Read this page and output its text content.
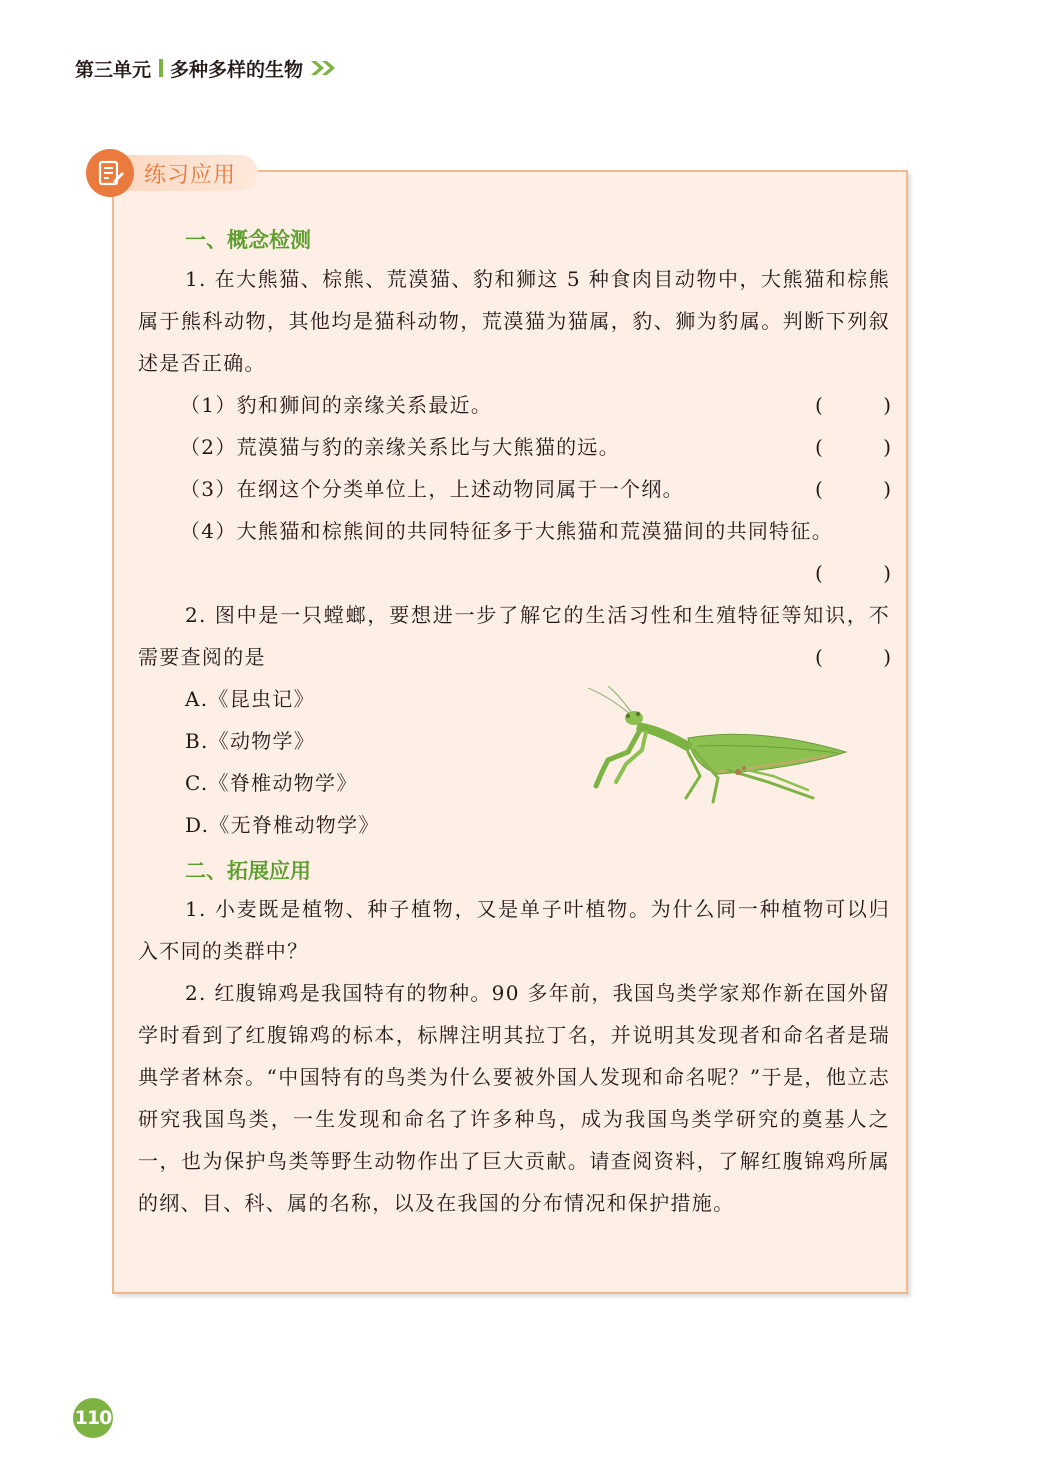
第三单元 多种多样的生物
练习应用
一、概念检测
1. 在大熊猫、棕熊、荒漠猫、豹和狮这 5 种食肉目动物中，大熊猫和棕熊属于熊科动物，其他均是猫科动物，荒漠猫为猫属，豹、狮为豹属。判断下列叙述是否正确。
（1）豹和狮间的亲缘关系最近。	(	)
（2）荒漠猫与豹的亲缘关系比与大熊猫的远。	(	)
（3）在纲这个分类单位上，上述动物同属于一个纲。	(	)
（4）大熊猫和棕熊间的共同特征多于大熊猫和荒漠猫间的共同特征。
(	)
2. 图中是一只螳螂，要想进一步了解它的生活习性和生殖特征等知识，不需要查阅的是	(	)
A.《昆虫记》
B.《动物学》
C.《脊椎动物学》
D.《无脊椎动物学》
二、拓展应用
1. 小麦既是植物、种子植物，又是单子叶植物。为什么同一种植物可以归入不同的类群中？
2. 红腹锦鸡是我国特有的物种。90 多年前，我国鸟类学家郑作新在国外留学时看到了红腹锦鸡的标本，标牌注明其拉丁名，并说明其发现者和命名者是瑞典学者林奈。“中国特有的鸟类为什么要被外国人发现和命名呢？”于是，他立志研究我国鸟类，一生发现和命名了许多种鸟，成为我国鸟类学研究的奠基人之一，也为保护鸟类等野生动物作出了巨大贡献。请查阅资料，了解红腹锦鸡所属的纲、目、科、属的名称，以及在我国的分布情况和保护措施。
110
